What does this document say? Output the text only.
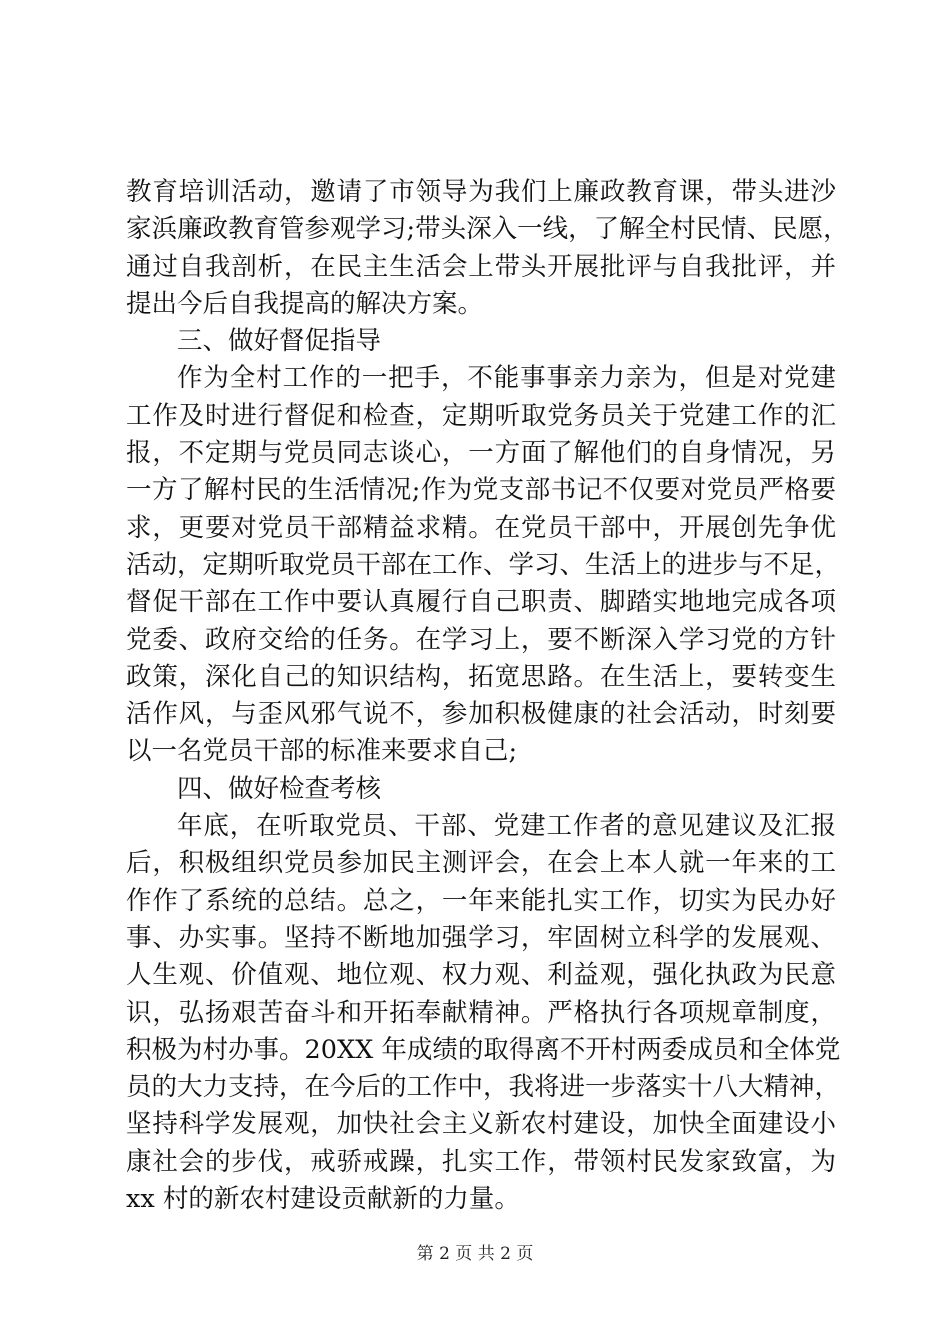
教育培训活动，邀请了市领导为我们上廉政教育课，带头进沙
家浜廉政教育管参观学习;带头深入一线，了解全村民情、民愿，
通过自我剖析，在民主生活会上带头开展批评与自我批评，并
提出今后自我提高的解决方案。
三、做好督促指导
作为全村工作的一把手，不能事事亲力亲为，但是对党建
工作及时进行督促和检查，定期听取党务员关于党建工作的汇
报，不定期与党员同志谈心，一方面了解他们的自身情况，另
一方了解村民的生活情况;作为党支部书记不仅要对党员严格要
求，更要对党员干部精益求精。在党员干部中，开展创先争优
活动，定期听取党员干部在工作、学习、生活上的进步与不足，
督促干部在工作中要认真履行自己职责、脚踏实地地完成各项
党委、政府交给的任务。在学习上，要不断深入学习党的方针
政策，深化自己的知识结构，拓宽思路。在生活上，要转变生
活作风，与歪风邪气说不，参加积极健康的社会活动，时刻要
以一名党员干部的标准来要求自己;
四、做好检查考核
年底，在听取党员、干部、党建工作者的意见建议及汇报
后，积极组织党员参加民主测评会，在会上本人就一年来的工
作作了系统的总结。总之，一年来能扎实工作，切实为民办好
事、办实事。坚持不断地加强学习，牢固树立科学的发展观、
人生观、价值观、地位观、权力观、利益观，强化执政为民意
识，弘扬艰苦奋斗和开拓奉献精神。严格执行各项规章制度，
积极为村办事。20XX 年成绩的取得离不开村两委成员和全体党
员的大力支持，在今后的工作中，我将进一步落实十八大精神，
坚持科学发展观，加快社会主义新农村建设，加快全面建设小
康社会的步伐，戒骄戒躁，扎实工作，带领村民发家致富，为
xx 村的新农村建设贡献新的力量。
第 2 页 共 2 页
